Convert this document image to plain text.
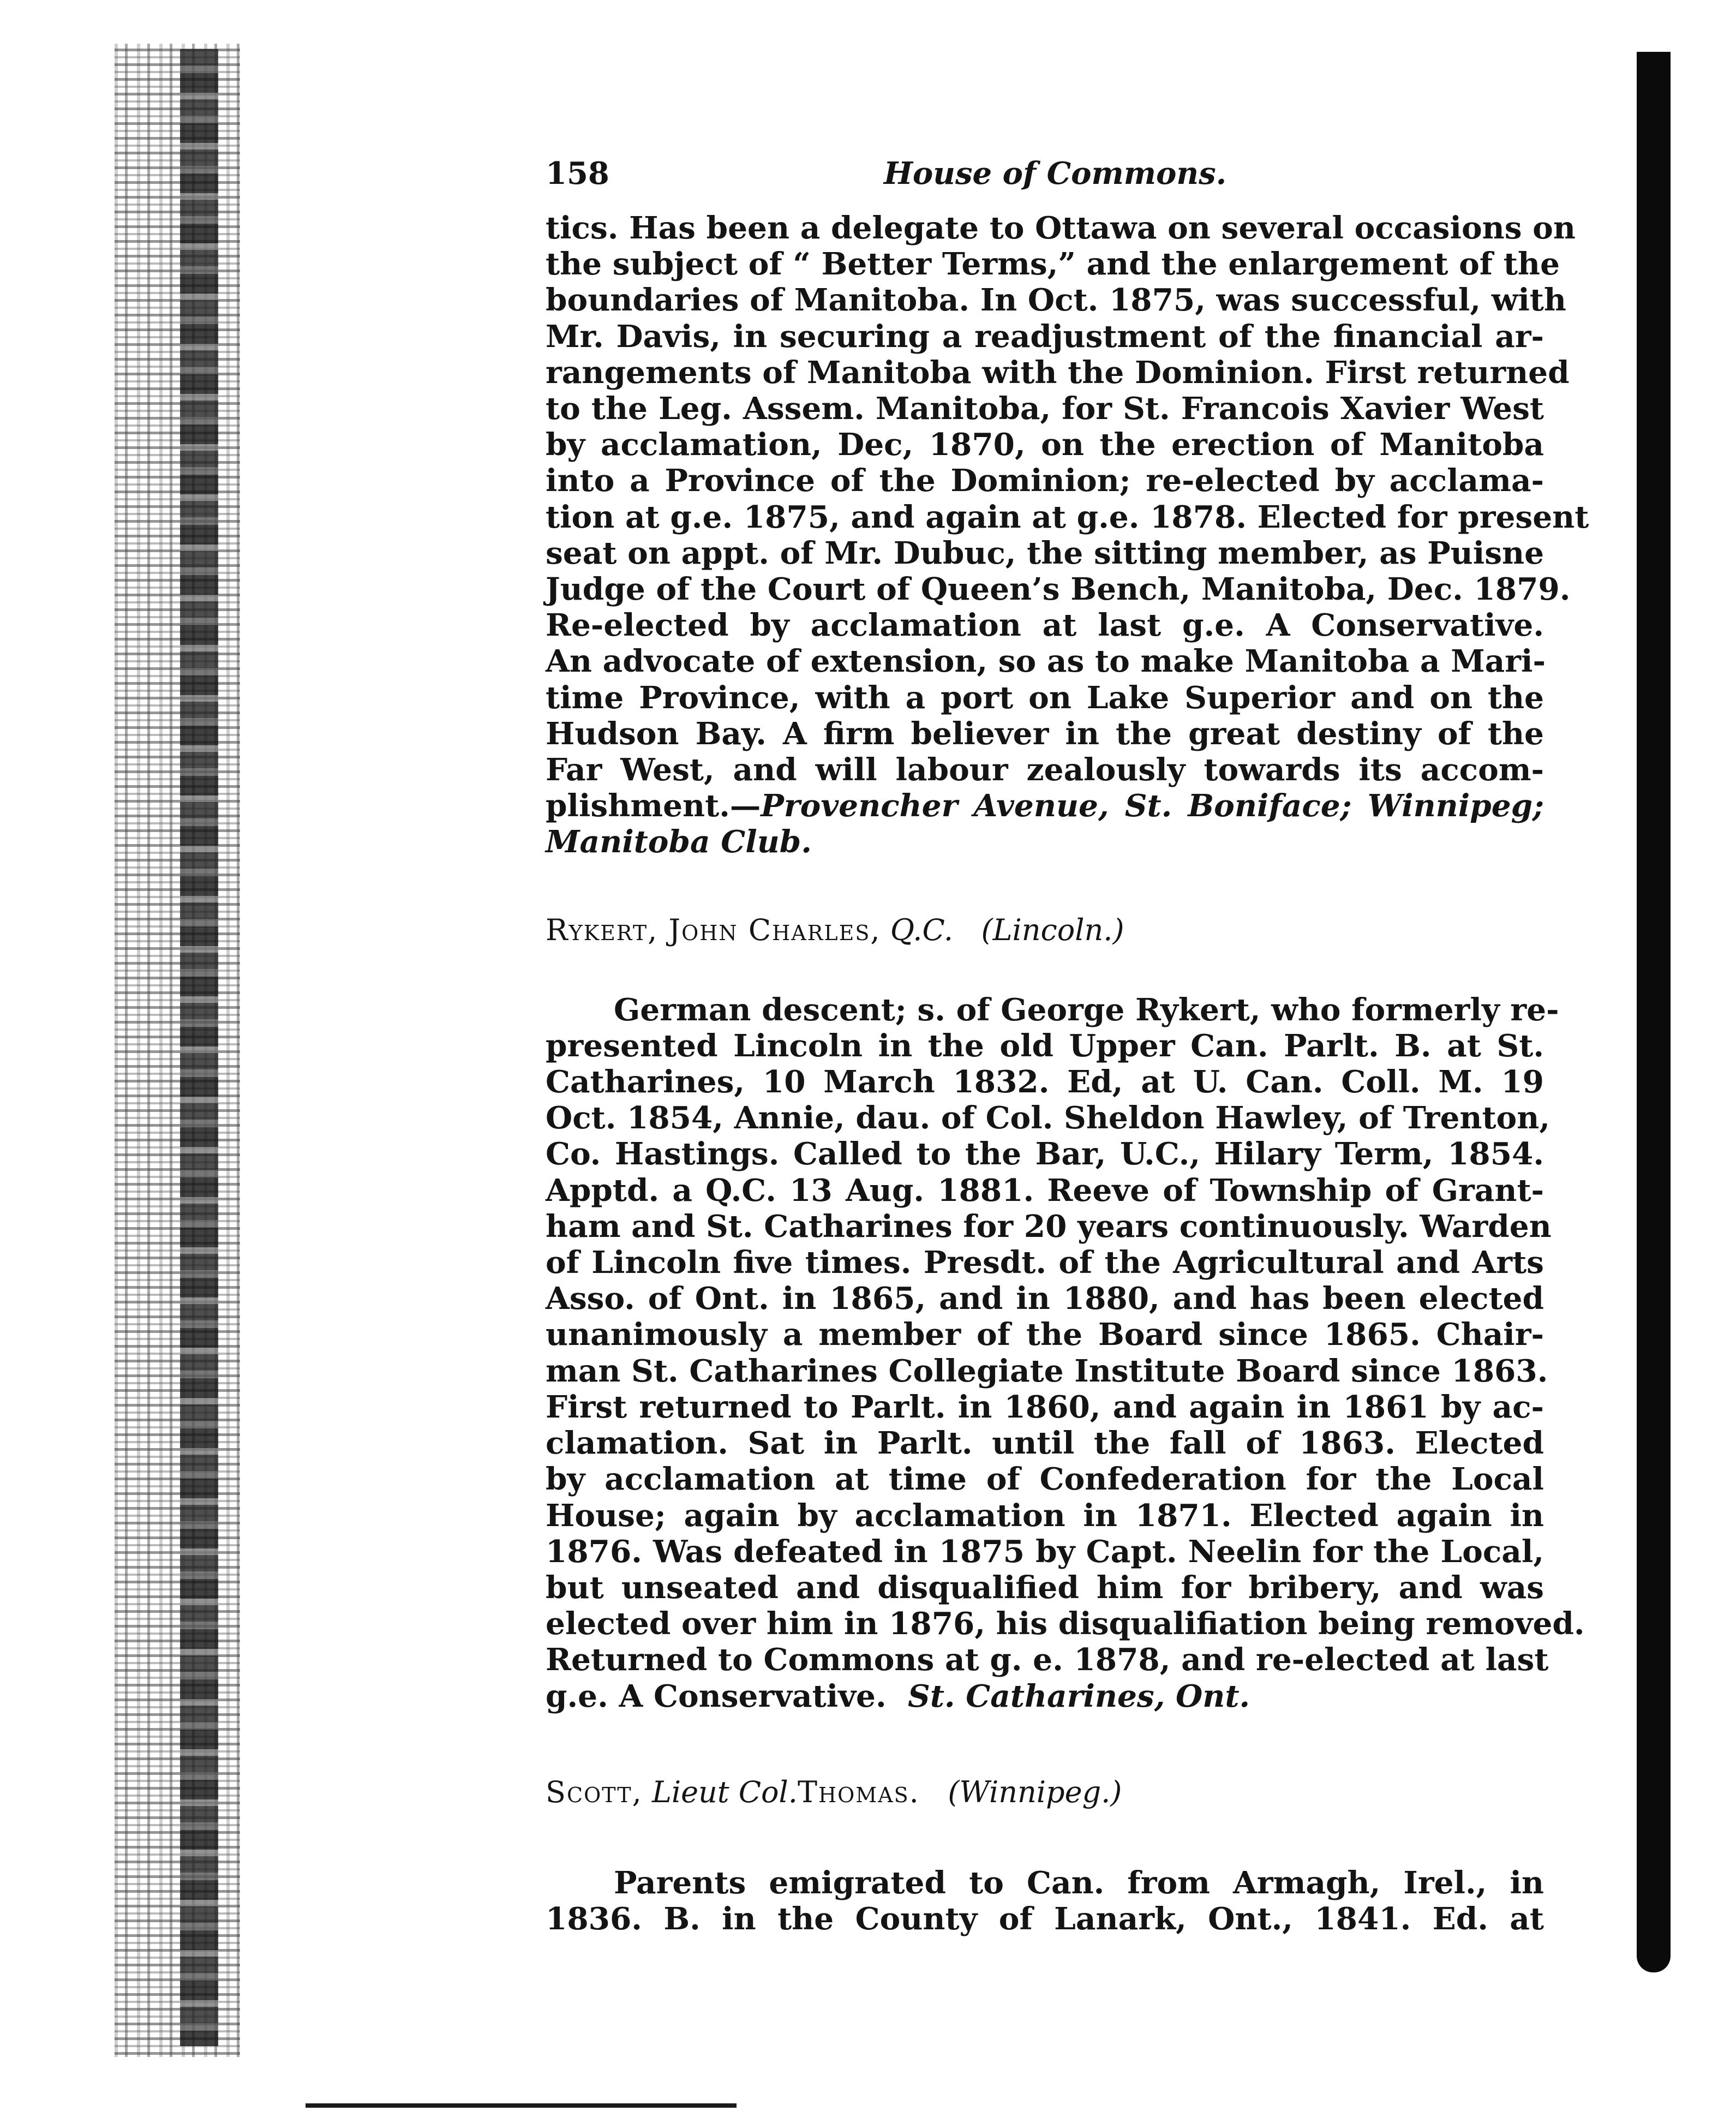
158	House of Commons.

tics. Has been a delegate to Ottawa on several occasions on
the subject of “ Better Terms,” and the enlargement of the
boundaries of Manitoba. In Oct. 1875, was successful, with
Mr. Davis, in securing a readjustment of the financial ar-
rangements of Manitoba with the Dominion. First returned
to the Leg. Assem. Manitoba, for St. Francois Xavier West
by acclamation, Dec, 1870, on the erection of Manitoba
into a Province of the Dominion; re-elected by acclama-
tion at g.e. 1875, and again at g.e. 1878. Elected for present
seat on appt. of Mr. Dubuc, the sitting member, as Puisne
Judge of the Court of Queen’s Bench, Manitoba, Dec. 1879.
Re-elected by acclamation at last g.e. A Conservative.
An advocate of extension, so as to make Manitoba a Mari-
time Province, with a port on Lake Superior and on the
Hudson Bay. A firm believer in the great destiny of the
Far West, and will labour zealously towards its accom-
plishment.—Provencher Avenue, St. Boniface; Winnipeg;
Manitoba Club.

Rykert, John Charles, Q.C. (Lincoln.)

German descent; s. of George Rykert, who formerly re-
presented Lincoln in the old Upper Can. Parlt. B. at St.
Catharines, 10 March 1832. Ed, at U. Can. Coll. M. 19
Oct. 1854, Annie, dau. of Col. Sheldon Hawley, of Trenton,
Co. Hastings. Called to the Bar, U.C., Hilary Term, 1854.
Apptd. a Q.C. 13 Aug. 1881. Reeve of Township of Grant-
ham and St. Catharines for 20 years continuously. Warden
of Lincoln five times. Presdt. of the Agricultural and Arts
Asso. of Ont. in 1865, and in 1880, and has been elected
unanimously a member of the Board since 1865. Chair-
man St. Catharines Collegiate Institute Board since 1863.
First returned to Parlt. in 1860, and again in 1861 by ac-
clamation. Sat in Parlt. until the fall of 1863. Elected
by acclamation at time of Confederation for the Local
House; again by acclamation in 1871. Elected again in
1876. Was defeated in 1875 by Capt. Neelin for the Local,
but unseated and disqualified him for bribery, and was
elected over him in 1876, his disqualifiation being removed.
Returned to Commons at g. e. 1878, and re-elected at last
g.e. A Conservative. St. Catharines, Ont.

Scott, Lieut Col.Thomas. (Winnipeg.)

Parents emigrated to Can. from Armagh, Irel., in
1836. B. in the County of Lanark, Ont., 1841. Ed. at
